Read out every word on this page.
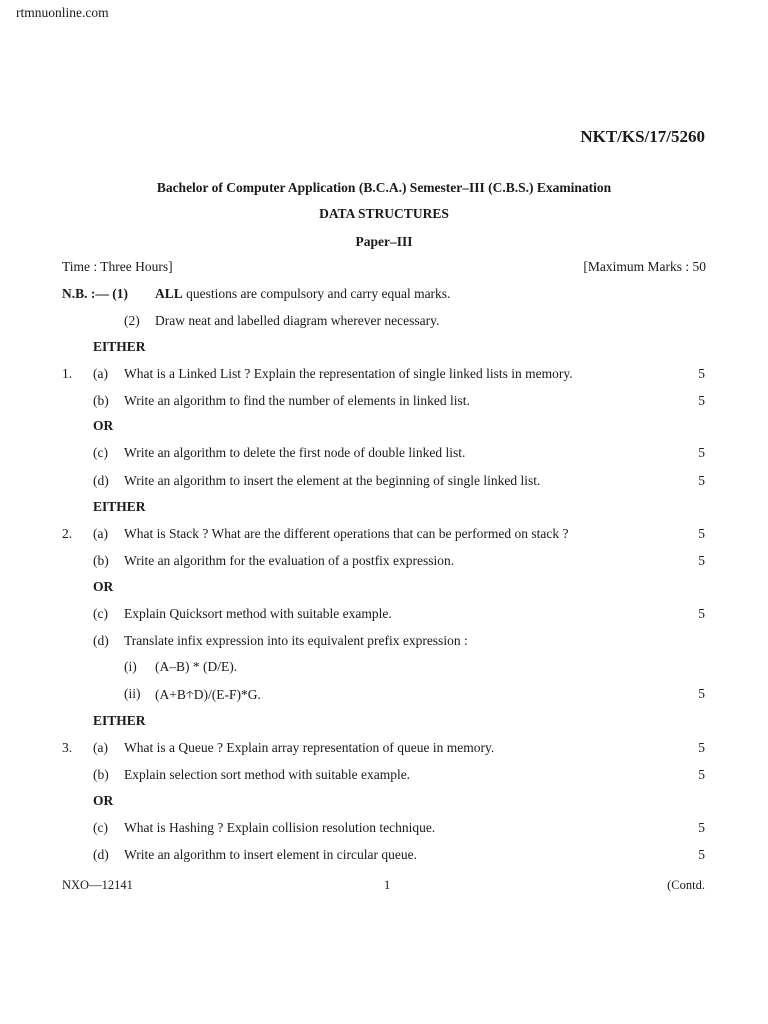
rtmnuonline.com
NKT/KS/17/5260
Bachelor of Computer Application (B.C.A.) Semester–III (C.B.S.) Examination
DATA STRUCTURES
Paper–III
Time : Three Hours]	[Maximum Marks : 50
N.B. :— (1) ALL questions are compulsory and carry equal marks.
(2) Draw neat and labelled diagram wherever necessary.
EITHER
1. (a) What is a Linked List ? Explain the representation of single linked lists in memory.	5
(b) Write an algorithm to find the number of elements in linked list.	5
OR
(c) Write an algorithm to delete the first node of double linked list.	5
(d) Write an algorithm to insert the element at the beginning of single linked list.	5
EITHER
2. (a) What is Stack ? What are the different operations that can be performed on stack ?	5
(b) Write an algorithm for the evaluation of a postfix expression.	5
OR
(c) Explain Quicksort method with suitable example.	5
(d) Translate infix expression into its equivalent prefix expression :
(i) (A–B) * (D/E).
(ii) (A+B🡡D)/(E-F)*G.	5
EITHER
3. (a) What is a Queue ? Explain array representation of queue in memory.	5
(b) Explain selection sort method with suitable example.	5
OR
(c) What is Hashing ? Explain collision resolution technique.	5
(d) Write an algorithm to insert element in circular queue.	5
NXO—12141	1	(Contd.
